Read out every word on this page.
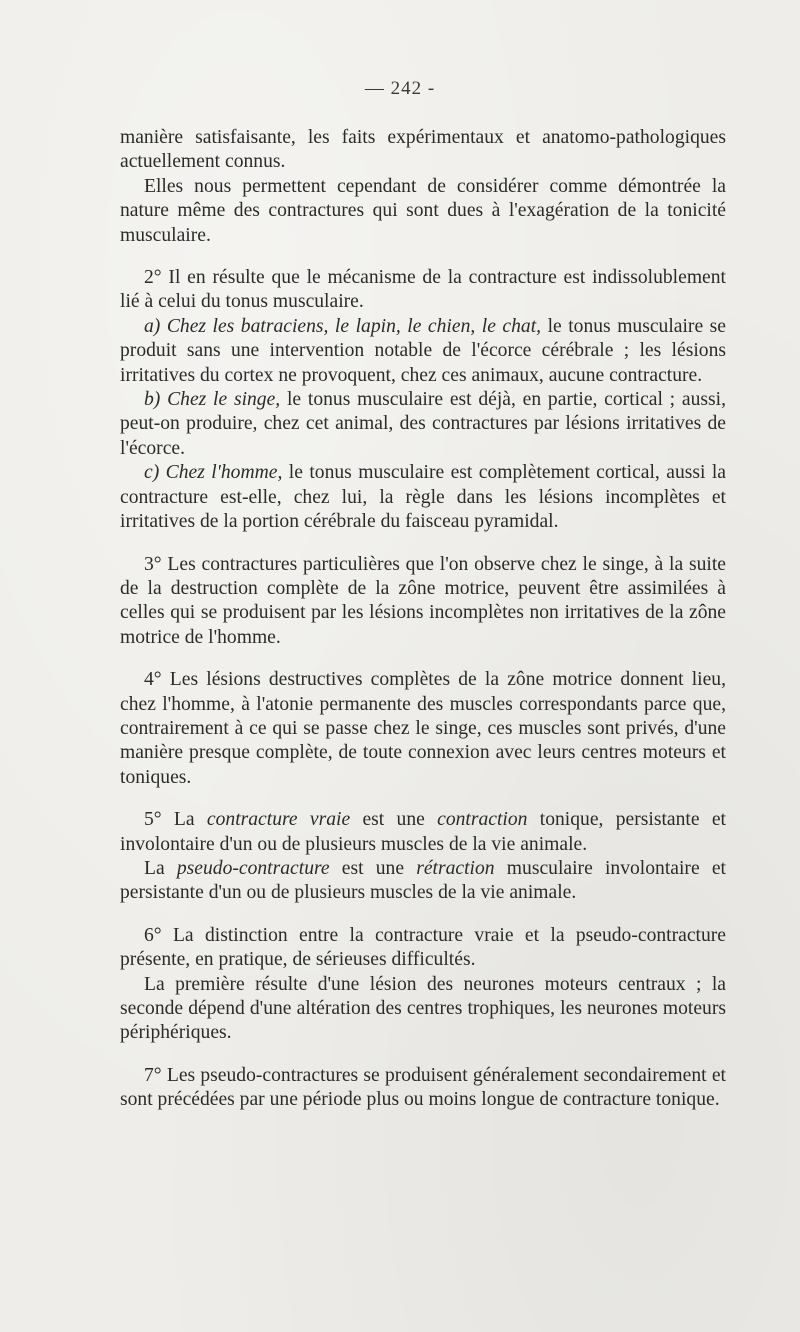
— 242 -

manière satisfaisante, les faits expérimentaux et anatomo-pathologiques actuellement connus.

Elles nous permettent cependant de considérer comme démontrée la nature même des contractures qui sont dues à l'exagération de la tonicité musculaire.

2° Il en résulte que le mécanisme de la contracture est indissolublement lié à celui du tonus musculaire.

a) Chez les batraciens, le lapin, le chien, le chat, le tonus musculaire se produit sans une intervention notable de l'écorce cérébrale ; les lésions irritatives du cortex ne provoquent, chez ces animaux, aucune contracture.

b) Chez le singe, le tonus musculaire est déjà, en partie, cortical ; aussi, peut-on produire, chez cet animal, des contractures par lésions irritatives de l'écorce.

c) Chez l'homme, le tonus musculaire est complètement cortical, aussi la contracture est-elle, chez lui, la règle dans les lésions incomplètes et irritatives de la portion cérébrale du faisceau pyramidal.

3° Les contractures particulières que l'on observe chez le singe, à la suite de la destruction complète de la zône motrice, peuvent être assimilées à celles qui se produisent par les lésions incomplètes non irritatives de la zône motrice de l'homme.

4° Les lésions destructives complètes de la zône motrice donnent lieu, chez l'homme, à l'atonie permanente des muscles correspondants parce que, contrairement à ce qui se passe chez le singe, ces muscles sont privés, d'une manière presque complète, de toute connexion avec leurs centres moteurs et toniques.

5° La contracture vraie est une contraction tonique, persistante et involontaire d'un ou de plusieurs muscles de la vie animale.

La pseudo-contracture est une rétraction musculaire involontaire et persistante d'un ou de plusieurs muscles de la vie animale.

6° La distinction entre la contracture vraie et la pseudo-contracture présente, en pratique, de sérieuses difficultés.

La première résulte d'une lésion des neurones moteurs centraux ; la seconde dépend d'une altération des centres trophiques, les neurones moteurs périphériques.

7° Les pseudo-contractures se produisent généralement secondairement et sont précédées par une période plus ou moins longue de contracture tonique.
